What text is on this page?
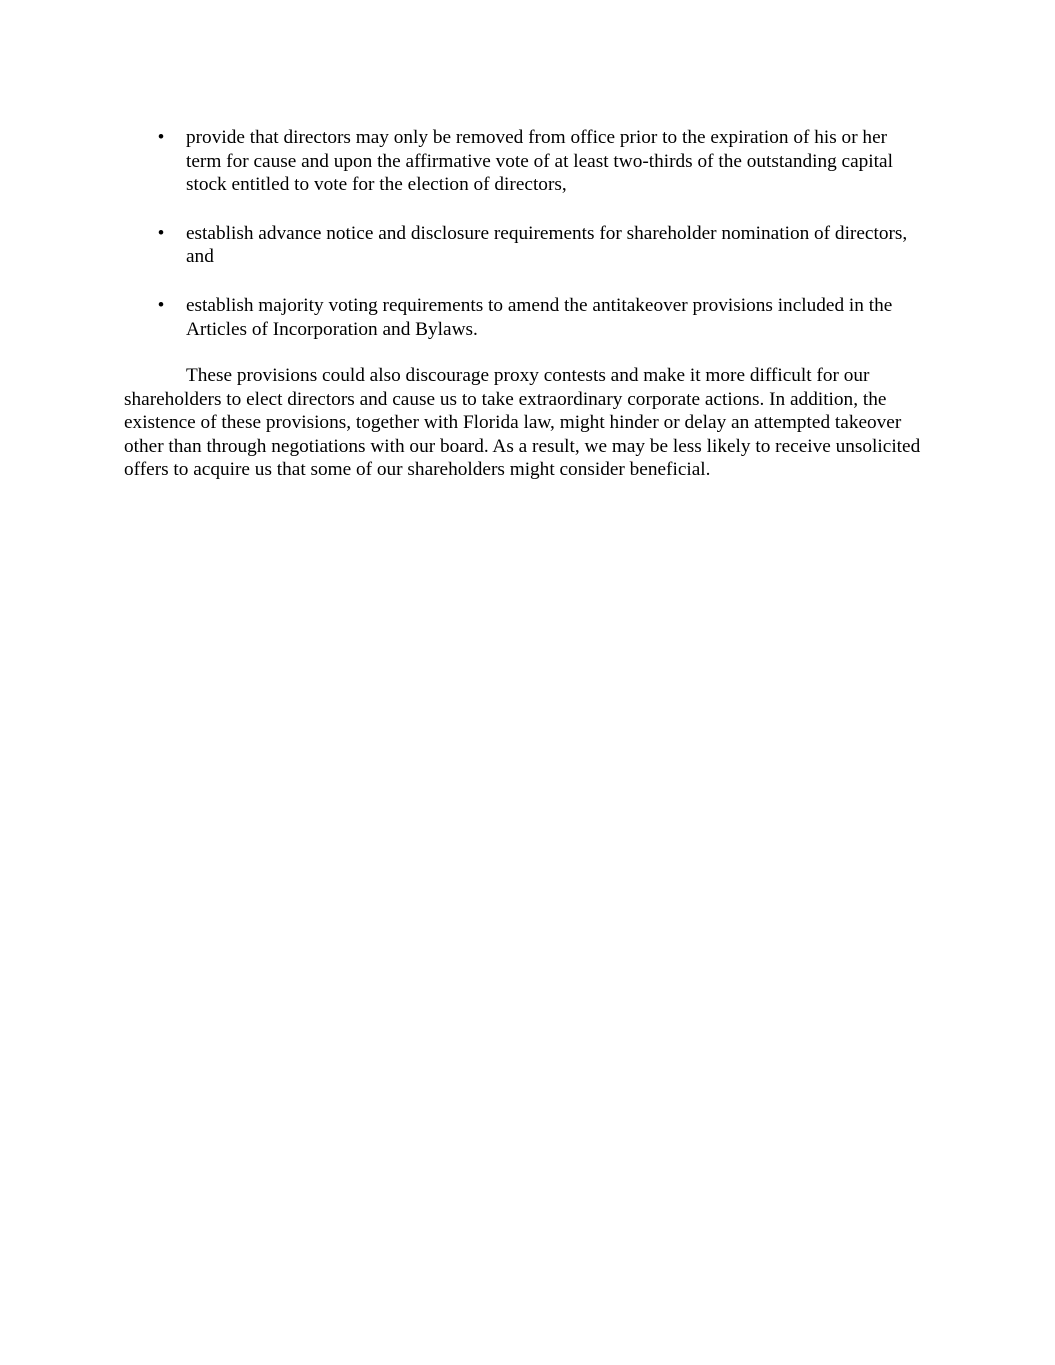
• provide that directors may only be removed from office prior to the expiration of his or her term for cause and upon the affirmative vote of at least two-thirds of the outstanding capital stock entitled to vote for the election of directors,
• establish advance notice and disclosure requirements for shareholder nomination of directors, and
• establish majority voting requirements to amend the antitakeover provisions included in the Articles of Incorporation and Bylaws.

These provisions could also discourage proxy contests and make it more difficult for our shareholders to elect directors and cause us to take extraordinary corporate actions. In addition, the existence of these provisions, together with Florida law, might hinder or delay an attempted takeover other than through negotiations with our board. As a result, we may be less likely to receive unsolicited offers to acquire us that some of our shareholders might consider beneficial.
